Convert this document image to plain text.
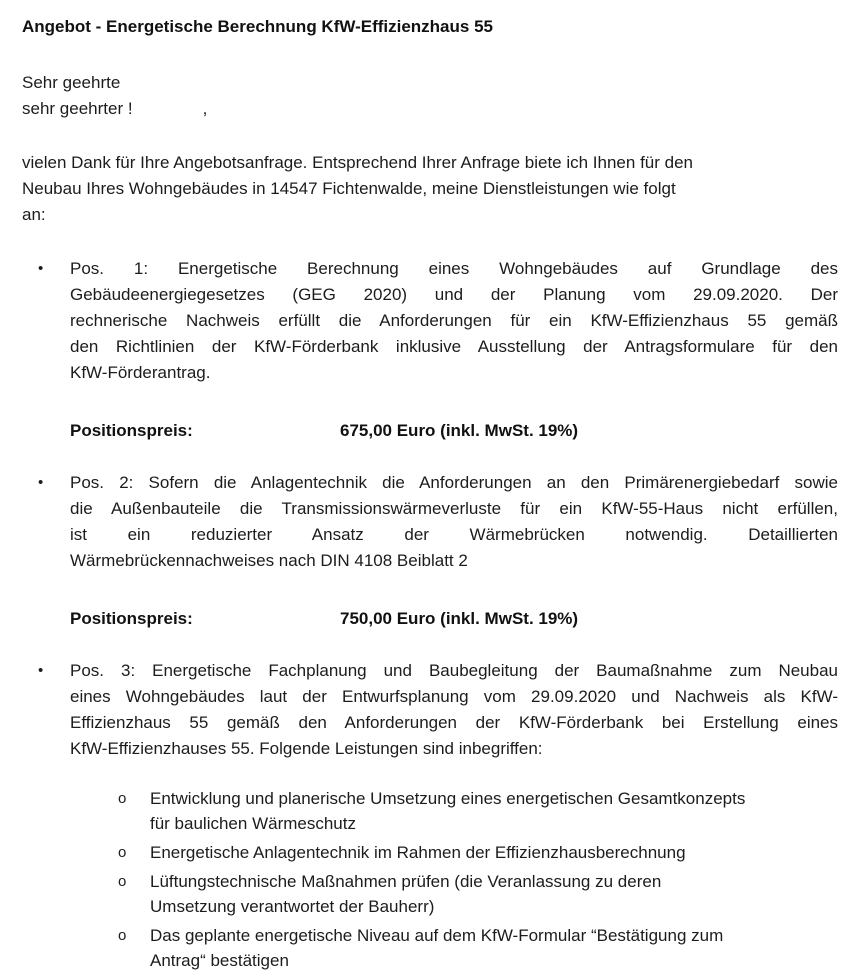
Angebot - Energetische Berechnung KfW-Effizienzhaus 55
Sehr geehrte
sehr geehrter !	,
vielen Dank für Ihre Angebotsanfrage. Entsprechend Ihrer Anfrage biete ich Ihnen für den
Neubau Ihres Wohngebäudes in 14547 Fichtenwalde, meine Dienstleistungen wie folgt
an:
•	Pos. 1: Energetische Berechnung eines Wohngebäudes auf Grundlage des
Gebäudeenergiegesetzes (GEG 2020) und der Planung vom 29.09.2020. Der
rechnerische Nachweis erfüllt die Anforderungen für ein KfW-Effizienzhaus 55 gemäß
den Richtlinien der KfW-Förderbank inklusive Ausstellung der Antragsformulare für den
KfW-Förderantrag.
Positionspreis:	675,00 Euro (inkl. MwSt. 19%)
•	Pos. 2: Sofern die Anlagentechnik die Anforderungen an den Primärenergiebedarf sowie
die Außenbauteile die Transmissionswärmeverluste für ein KfW-55-Haus nicht erfüllen,
ist ein reduzierter Ansatz der Wärmebrücken notwendig. Detaillierten
Wärmebrückennachweises nach DIN 4108 Beiblatt 2
Positionspreis:	750,00 Euro (inkl. MwSt. 19%)
•	Pos. 3: Energetische Fachplanung und Baubegleitung der Baumaßnahme zum Neubau
eines Wohngebäudes laut der Entwurfsplanung vom 29.09.2020 und Nachweis als KfW-
Effizienzhaus 55 gemäß den Anforderungen der KfW-Förderbank bei Erstellung eines
KfW-Effizienzhauses 55. Folgende Leistungen sind inbegriffen:
o	Entwicklung und planerische Umsetzung eines energetischen Gesamtkonzepts
für baulichen Wärmeschutz
o	Energetische Anlagentechnik im Rahmen der Effizienzhausberechnung
o	Lüftungstechnische Maßnahmen prüfen (die Veranlassung zu deren
Umsetzung verantwortet der Bauherr)
o	Das geplante energetische Niveau auf dem KfW-Formular “Bestätigung zum
Antrag“ bestätigen
